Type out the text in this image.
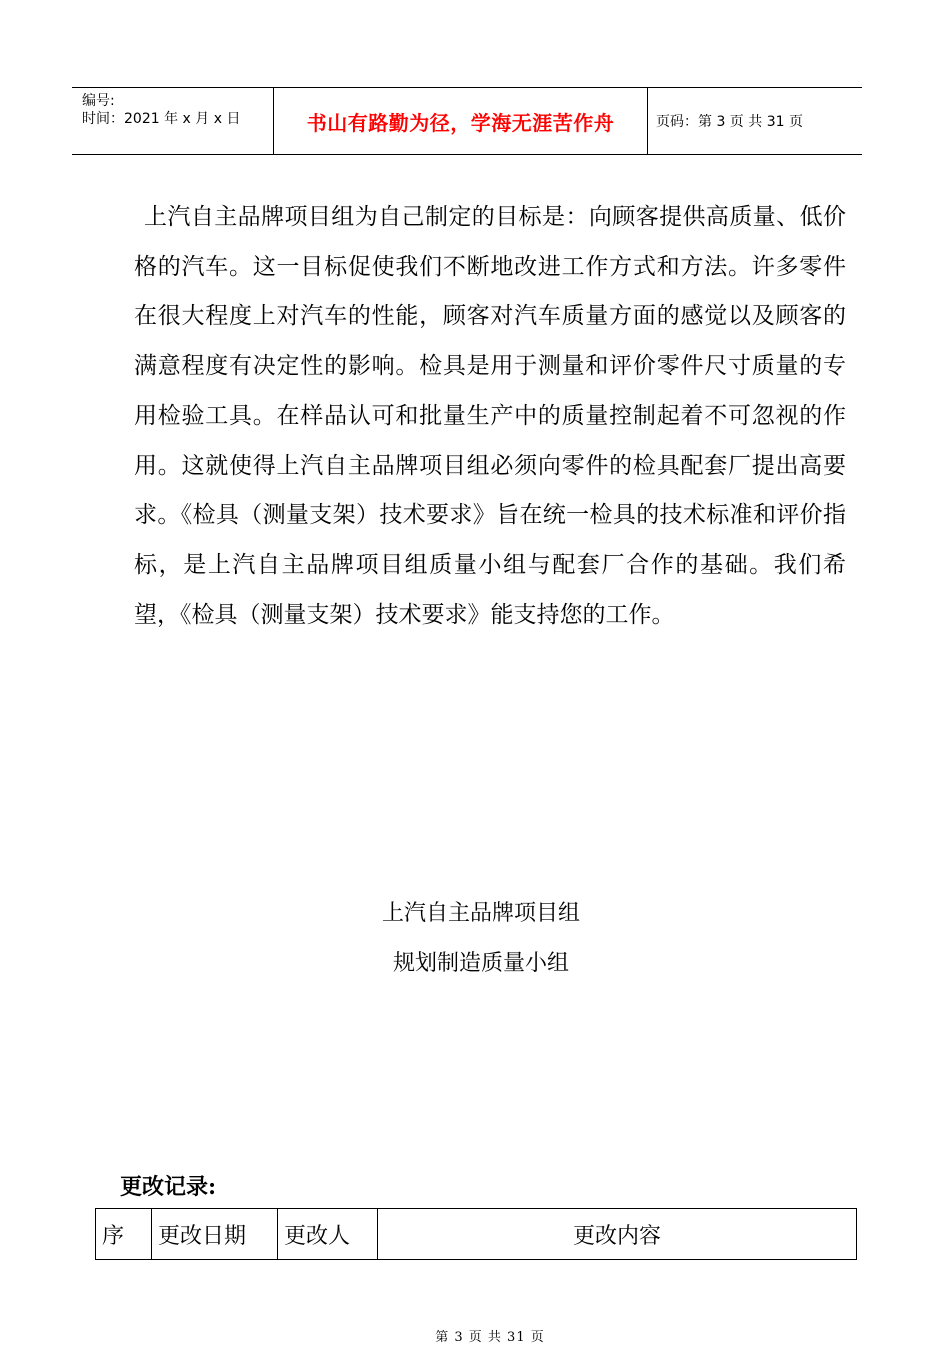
编号:
时间：2021 年 x 月 x 日	书山有路勤为径，学海无涯苦作舟	页码：第 3 页 共 31 页

上汽自主品牌项目组为自己制定的目标是：向顾客提供高质量、低价格的汽车。这一目标促使我们不断地改进工作方式和方法。许多零件在很大程度上对汽车的性能，顾客对汽车质量方面的感觉以及顾客的满意程度有决定性的影响。检具是用于测量和评价零件尺寸质量的专用检验工具。在样品认可和批量生产中的质量控制起着不可忽视的作用。这就使得上汽自主品牌项目组必须向零件的检具配套厂提出高要求。《检具（测量支架）技术要求》旨在统一检具的技术标准和评价指标，是上汽自主品牌项目组质量小组与配套厂合作的基础。我们希望，《检具（测量支架）技术要求》能支持您的工作。

上汽自主品牌项目组

规划制造质量小组

更改记录:

序	更改日期	更改人	更改内容
第 3 页 共 31 页
